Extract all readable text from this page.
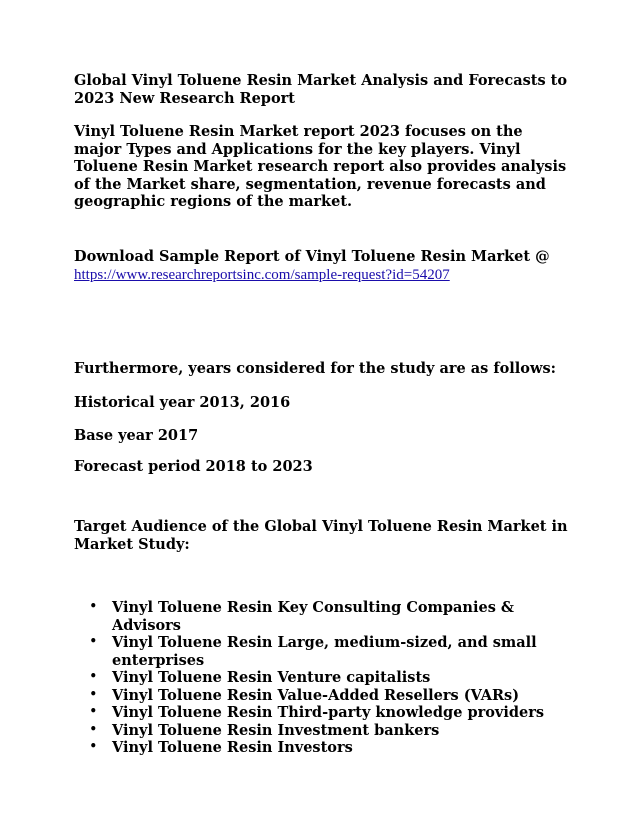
Global Vinyl Toluene Resin Market Analysis and Forecasts to 2023 New Research Report

Vinyl Toluene Resin Market report 2023 focuses on the major Types and Applications for the key players. Vinyl Toluene Resin Market research report also provides analysis of the Market share, segmentation, revenue forecasts and geographic regions of the market.

Download Sample Report of Vinyl Toluene Resin Market @
https://www.researchreportsinc.com/sample-request?id=54207

Furthermore, years considered for the study are as follows:

Historical year 2013, 2016

Base year 2017

Forecast period 2018 to 2023

Target Audience of the Global Vinyl Toluene Resin Market in Market Study:

• Vinyl Toluene Resin Key Consulting Companies & Advisors
• Vinyl Toluene Resin Large, medium-sized, and small enterprises
• Vinyl Toluene Resin Venture capitalists
• Vinyl Toluene Resin Value-Added Resellers (VARs)
• Vinyl Toluene Resin Third-party knowledge providers
• Vinyl Toluene Resin Investment bankers
• Vinyl Toluene Resin Investors
